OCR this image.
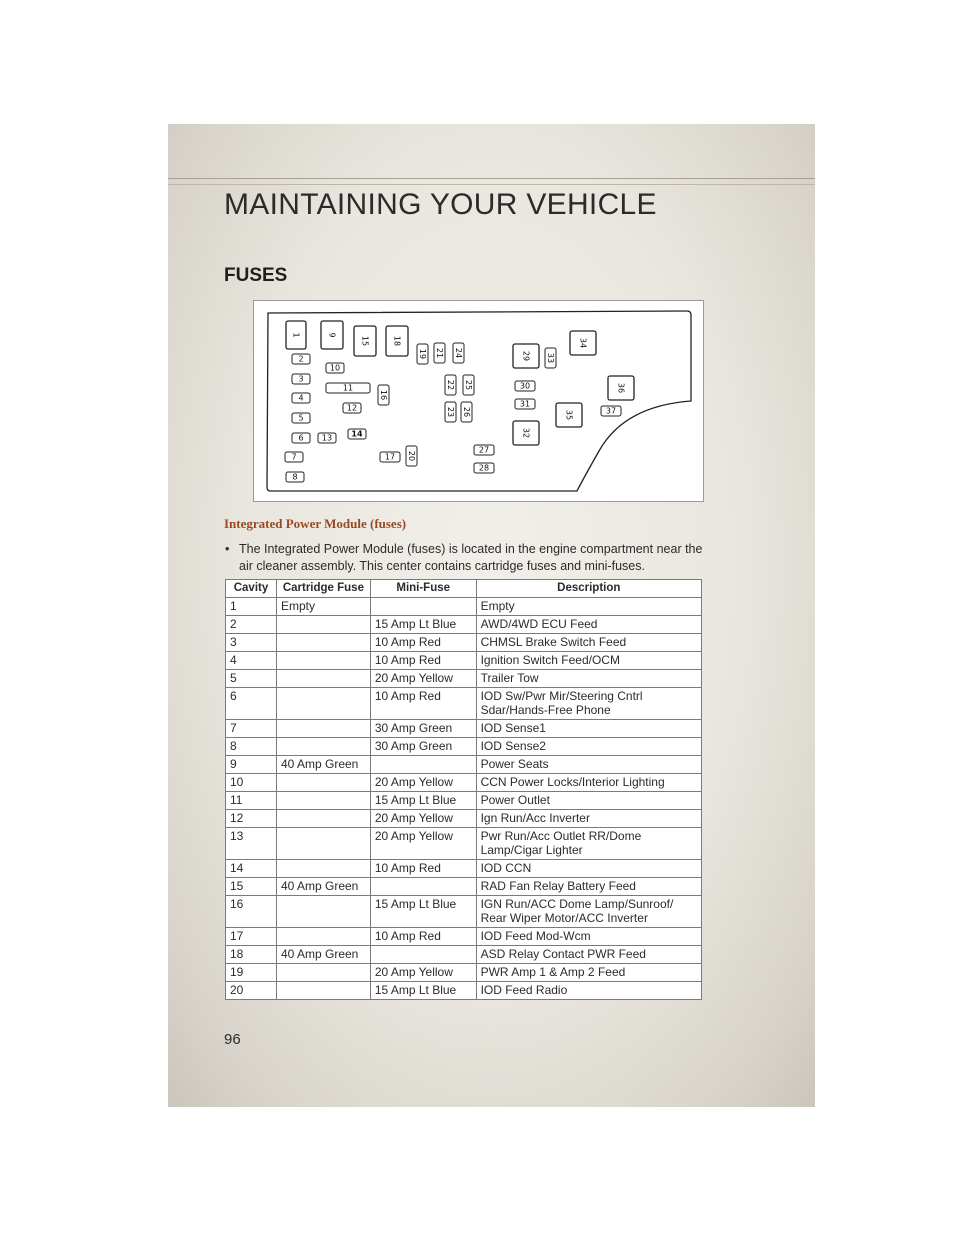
MAINTAINING YOUR VEHICLE
FUSES
1
2
3
4
5
6
7
8
9
10
11
12
13 14
15
16
17
18
19
20
21
22
23
24
25
26
27
28
29
30
31
32
33
34
35
36
37
Integrated Power Module (fuses)
• The Integrated Power Module (fuses) is located in the engine compartment near the air cleaner assembly. This center contains cartridge fuses and mini-fuses.
Cavity	Cartridge Fuse	Mini-Fuse	Description
1	Empty		Empty
2		15 Amp Lt Blue	AWD/4WD ECU Feed
3		10 Amp Red	CHMSL Brake Switch Feed
4		10 Amp Red	Ignition Switch Feed/OCM
5		20 Amp Yellow	Trailer Tow
6		10 Amp Red	IOD Sw/Pwr Mir/Steering Cntrl Sdar/Hands-Free Phone
7		30 Amp Green	IOD Sense1
8		30 Amp Green	IOD Sense2
9	40 Amp Green		Power Seats
10		20 Amp Yellow	CCN Power Locks/Interior Lighting
11		15 Amp Lt Blue	Power Outlet
12		20 Amp Yellow	Ign Run/Acc Inverter
13		20 Amp Yellow	Pwr Run/Acc Outlet RR/Dome Lamp/Cigar Lighter
14		10 Amp Red	IOD CCN
15	40 Amp Green		RAD Fan Relay Battery Feed
16		15 Amp Lt Blue	IGN Run/ACC Dome Lamp/Sunroof/ Rear Wiper Motor/ACC Inverter
17		10 Amp Red	IOD Feed Mod-Wcm
18	40 Amp Green		ASD Relay Contact PWR Feed
19		20 Amp Yellow	PWR Amp 1 & Amp 2 Feed
20		15 Amp Lt Blue	IOD Feed Radio
96
